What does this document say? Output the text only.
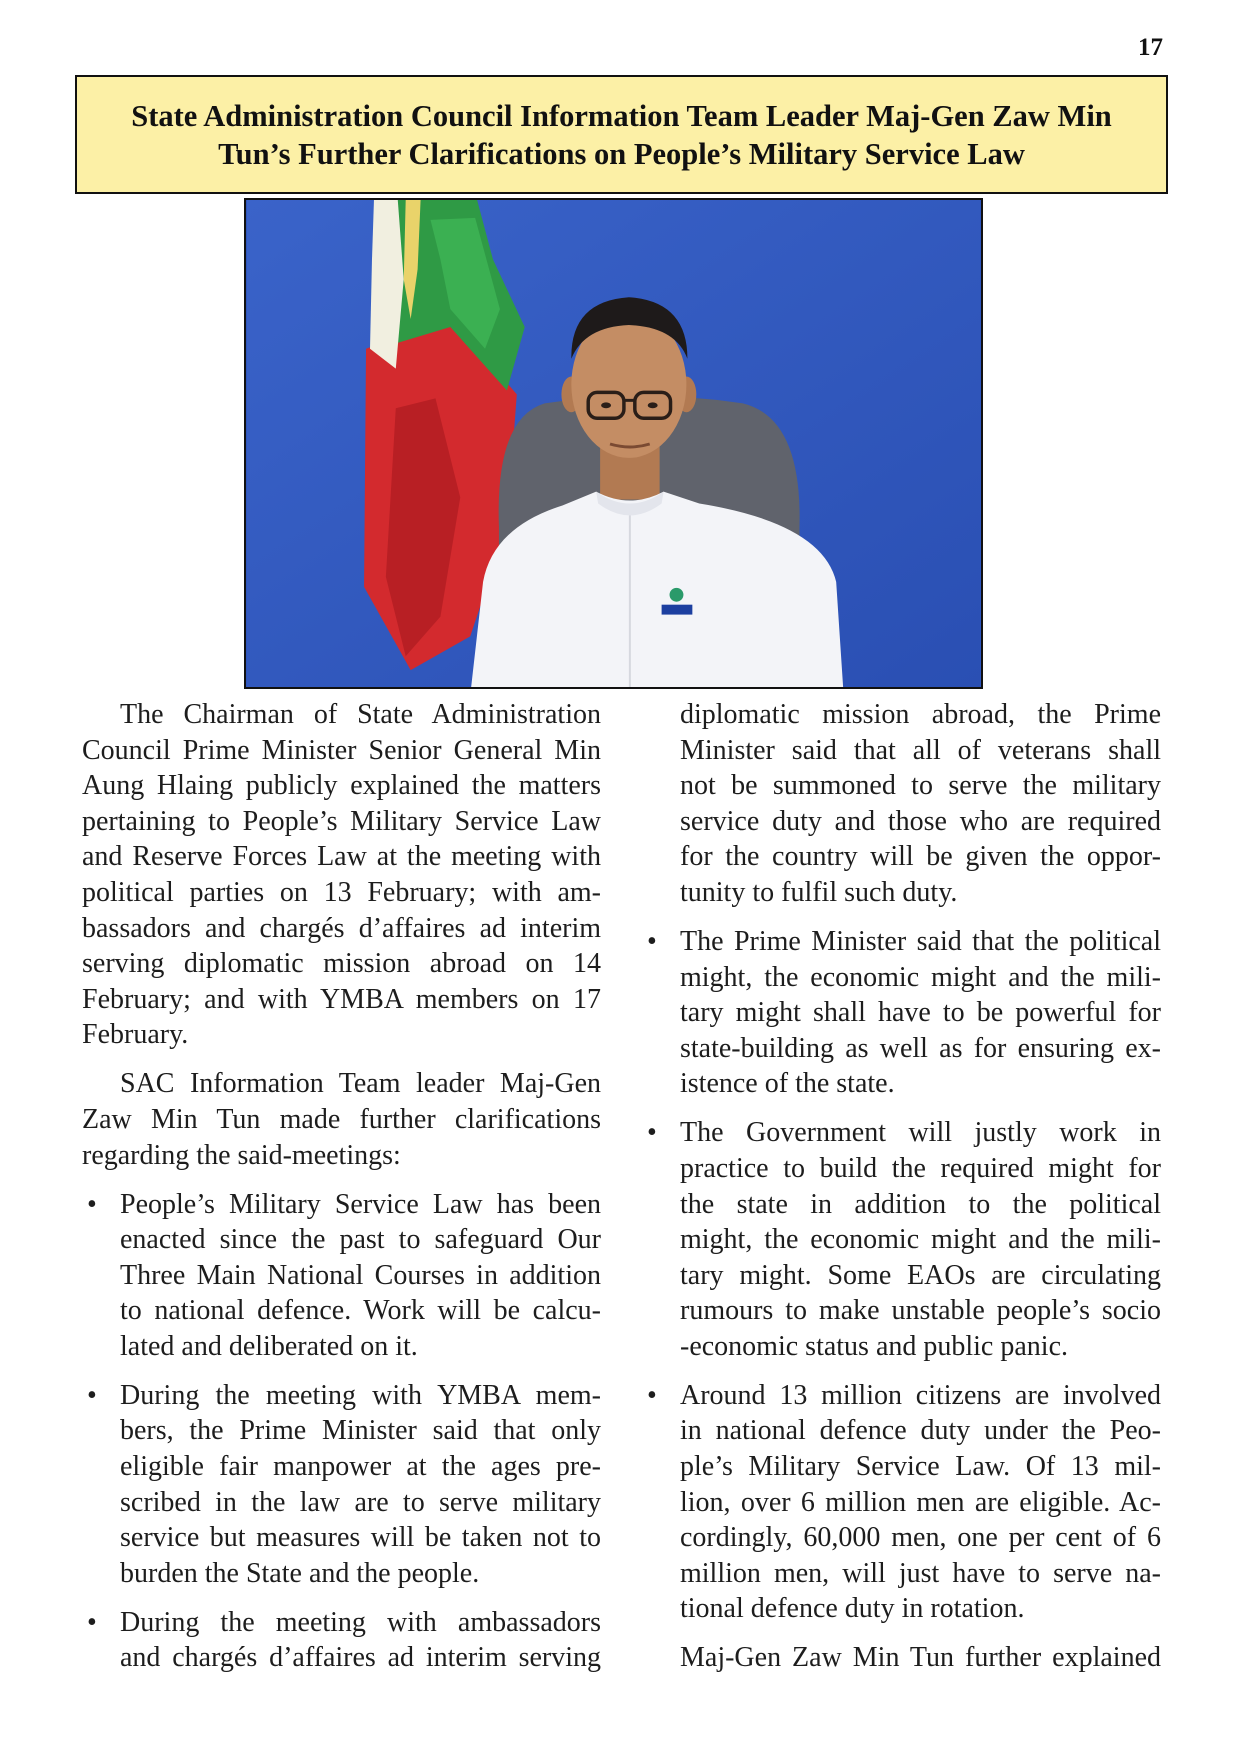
17
State Administration Council Information Team Leader Maj-Gen Zaw Min
Tun’s Further Clarifications on People’s Military Service Law
The Chairman of State Administration
Council Prime Minister Senior General Min
Aung Hlaing publicly explained the matters
pertaining to People’s Military Service Law
and Reserve Forces Law at the meeting with
political parties on 13 February; with am-
bassadors and chargés d’affaires ad interim
serving diplomatic mission abroad on 14
February; and with YMBA members on 17
February.
SAC Information Team leader Maj-Gen
Zaw Min Tun made further clarifications
regarding the said-meetings:
• People’s Military Service Law has been
enacted since the past to safeguard Our
Three Main National Courses in addition
to national defence. Work will be calcu-
lated and deliberated on it.
• During the meeting with YMBA mem-
bers, the Prime Minister said that only
eligible fair manpower at the ages pre-
scribed in the law are to serve military
service but measures will be taken not to
burden the State and the people.
• During the meeting with ambassadors
and chargés d’affaires ad interim serving
diplomatic mission abroad, the Prime
Minister said that all of veterans shall
not be summoned to serve the military
service duty and those who are required
for the country will be given the oppor-
tunity to fulfil such duty.
• The Prime Minister said that the political
might, the economic might and the mili-
tary might shall have to be powerful for
state-building as well as for ensuring ex-
istence of the state.
• The Government will justly work in
practice to build the required might for
the state in addition to the political
might, the economic might and the mili-
tary might. Some EAOs are circulating
rumours to make unstable people’s socio
-economic status and public panic.
• Around 13 million citizens are involved
in national defence duty under the Peo-
ple’s Military Service Law. Of 13 mil-
lion, over 6 million men are eligible. Ac-
cordingly, 60,000 men, one per cent of 6
million men, will just have to serve na-
tional defence duty in rotation.
Maj-Gen Zaw Min Tun further explained
